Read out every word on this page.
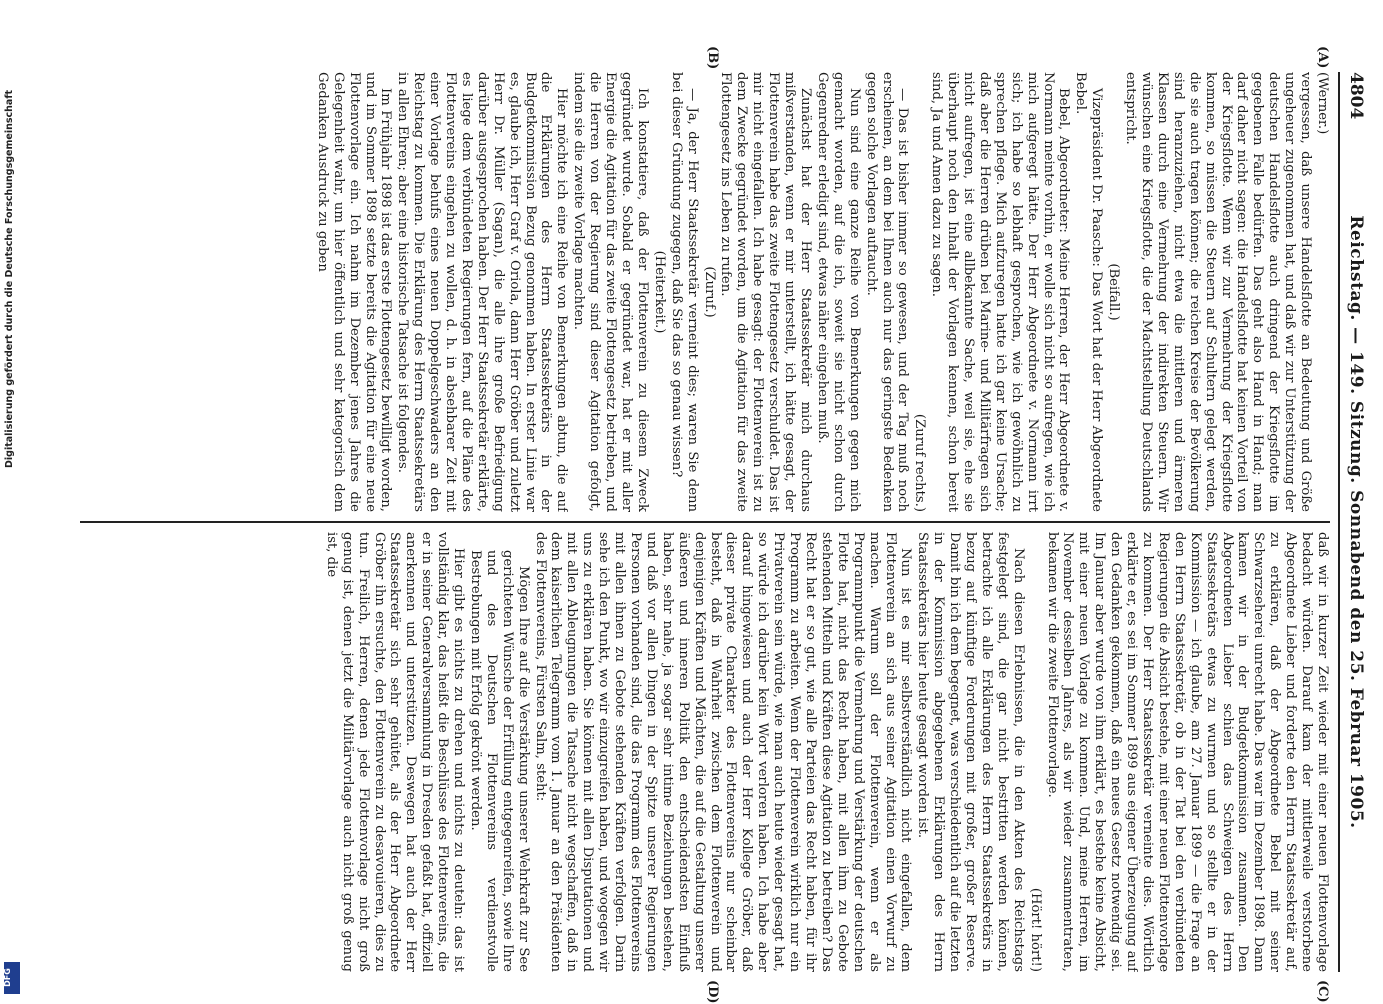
Digitalisierung gefördert durch die Deutsche Forschungsgemeinschaft
DFG
4804
Reichstag. — 149. Sitzung. Sonnabend den 25. Februar 1905.
(A)
(B)
(C)
(D)

(Werner.)

vergessen, daß unsere Handelsflotte an Bedeutung und Größe ungeheuer zugenommen hat, und daß wir zur Unterstützung der deutschen Handelsflotte auch dringend der Kriegsflotte im gegebenen Falle bedürfen. Das geht also Hand in Hand; man darf daher nicht sagen: die Handelsflotte hat keinen Vorteil von der Kriegsflotte. Wenn wir zur Vermehrung der Kriegsflotte kommen, so müssen die Steuern auf Schultern gelegt werden, die sie auch tragen können; die reichen Kreise der Bevölkerung sind heranzuziehen, nicht etwa die mittleren und ärmeren Klassen durch eine Vermehrung der indirekten Steuern. Wir wünschen eine Kriegsflotte, die der Machtstellung Deutschlands entspricht.

(Beifall.)

Vizepräsident Dr. Paasche: Das Wort hat der Herr Abgeordnete Bebel.

Bebel, Abgeordneter: Meine Herren, der Herr Abgeordnete v. Normann meinte vorhin, er wolle sich nicht so aufregen, wie ich mich aufgeregt hätte. Der Herr Abgeordnete v. Normann irrt sich; ich habe so lebhaft gesprochen, wie ich gewöhnlich zu sprechen pflege. Mich aufzuregen hatte ich gar keine Ursache; daß aber die Herren drüben bei Marine- und Militärfragen sich nicht aufregen, ist eine allbekannte Sache, weil sie, ehe sie überhaupt noch den Inhalt der Vorlagen kennen, schon bereit sind, Ja und Amen dazu zu sagen.

(Zuruf rechts.)

— Das ist bisher immer so gewesen, und der Tag muß noch erscheinen, an dem bei Ihnen auch nur das geringste Bedenken gegen solche Vorlagen auftaucht.

Nun sind eine ganze Reihe von Bemerkungen gegen mich gemacht worden, auf die ich, soweit sie nicht schon durch Gegenredner erledigt sind, etwas näher eingehen muß.

Zunächst hat der Herr Staatssekretär mich durchaus mißverstanden, wenn er mir unterstellt, ich hätte gesagt, der Flottenverein habe das zweite Flottengesetz verschuldet. Das ist mir nicht eingefallen. Ich habe gesagt: der Flottenverein ist zu dem Zwecke gegründet worden, um die Agitation für das zweite Flottengesetz ins Leben zu rufen.

(Zuruf.)

— Ja, der Herr Staatssekretär verneint dies; waren Sie denn bei dieser Gründung zugegen, daß Sie das so genau wissen?

(Heiterkeit.)

Ich konstatiere, daß der Flottenverein zu diesem Zweck gegründet wurde. Sobald er gegründet war, hat er mit aller Energie die Agitation für das zweite Flottengesetz betrieben, und die Herren von der Regierung sind dieser Agitation gefolgt, indem sie die zweite Vorlage machten.

Hier möchte ich eine Reihe von Bemerkungen abtun, die auf die Erklärungen des Herrn Staatssekretärs in der Budgetkommission Bezug genommen haben. In erster Linie war es, glaube ich, Herr Graf v. Oriola, dann Herr Gröber und zuletzt Herr Dr. Müller (Sagan), die alle ihre große Befriedigung darüber ausgesprochen haben. Der Herr Staatssekretär erklärte, es liege dem verbündeten Regierungen fern, auf die Pläne des Flottenvereins eingehen zu wollen, d. h. in absehbarer Zeit mit einer Vorlage behufs eines neuen Doppelgeschwaders an den Reichstag zu kommen. Die Erklärung des Herrn Staatssekretärs in allen Ehren; aber eine historische Tatsache ist folgendes.

Im Frühjahr 1898 ist das erste Flottengesetz bewilligt worden, und im Sommer 1898 setzte bereits die Agitation für eine neue Flottenvorlage ein. Ich nahm im Dezember jenes Jahres die Gelegenheit wahr, um hier öffentlich und sehr kategorisch dem Gedanken Ausdruck zu geben

daß wir in kurzer Zeit wieder mit einer neuen Flottenvorlage bedacht würden. Darauf kam der mittlerweile verstorbene Abgeordnete Lieber und forderte den Herrn Staatssekretär auf, zu erklären, daß der Abgeordnete Bebel mit seiner Schwarzseherei unrecht habe. Das war im Dezember 1898. Dann kamen wir in der Budgetkommission zusammen. Den Abgeordneten Lieber schien das Schweigen des Herrn Staatssekretärs etwas zu wurmen und so stellte er in der Kommission — ich glaube, am 27. Januar 1899 — die Frage an den Herrn Staatssekretär, ob in der Tat bei den verbündeten Regierungen die Absicht bestehe, mit einer neuen Flottenvorlage zu kommen. Der Herr Staatssekretär verneinte dies. Wörtlich erklärte er, es sei im Sommer 1899 aus eigener Überzeugung auf den Gedanken gekommen, daß ein neues Gesetz notwendig sei. Im Januar aber wurde von ihm erklärt, es bestehe keine Absicht, mit einer neuen Vorlage zu kommen. Und, meine Herren, im November desselben Jahres, als wir wieder zusammentraten, bekamen wir die zweite Flottenvorlage.

(Hört! hört!)

Nach diesen Erlebnissen, die in den Akten des Reichstags festgelegt sind, die gar nicht bestritten werden können, betrachte ich alle Erklärungen des Herrn Staatssekretärs in bezug auf künftige Forderungen mit großer, großer Reserve. Damit bin ich dem begegnet, was verschiedentlich auf die letzten in der Kommission abgegebenen Erklärungen des Herrn Staatssekretärs hier heute gesagt worden ist.

Nun ist es mir selbstverständlich nicht eingefallen, dem Flottenverein an sich aus seiner Agitation einen Vorwurf zu machen. Warum soll der Flottenverein, wenn er als Programmpunkt die Vermehrung und Verstärkung der deutschen Flotte hat, nicht das Recht haben, mit allen ihm zu Gebote stehenden Mitteln und Kräften diese Agitation zu betreiben? Das Recht hat er so gut, wie alle Parteien das Recht haben, für ihr Programm zu arbeiten. Wenn der Flottenverein wirklich nur ein Privatverein sein würde, wie man auch heute wieder gesagt hat, so würde ich darüber kein Wort verloren haben. Ich habe aber darauf hingewiesen und auch der Herr Kollege Gröber, daß dieser private Charakter des Flottenvereins nur scheinbar besteht, daß in Wahrheit zwischen dem Flottenverein und denjenigen Kräften und Mächten, die auf die Gestaltung unserer äußeren und inneren Politik den entscheidendsten Einfluß haben, sehr nahe, ja sogar sehr intime Beziehungen bestehen, und daß vor allen Dingen in der Spitze unserer Regierungen Personen vorhanden sind, die das Programm des Flottenvereins mit allen ihnen zu Gebote stehenden Kräften verfolgen. Darin sehe ich den Punkt, wo wir einzugreifen haben, und wogegen wir uns zu erklären haben. Sie können mit allen Disputationen und mit allen Ableugnungen die Tatsache nicht wegschaffen, daß in dem kaiserlichen Telegramm vom 1. Januar an den Präsidenten des Flottenvereins, Fürsten Salm, steht:

Mögen Ihre auf die Verstärkung unserer Wehrkraft zur See gerichteten Wünsche der Erfüllung entgegenreifen, sowie Ihre und des Deutschen Flottenvereins verdienstvolle Bestrebungen mit Erfolg gekrönt werden.

Hier gibt es nichts zu drehen und nichts zu deuteln: das ist vollständig klar, das heißt die Beschlüsse des Flottenvereins, die er in seiner Generalversammlung in Dresden gefaßt hat, offiziell anerkennen und unterstützen. Deswegen hat auch der Herr Staatssekretär sich sehr gehütet, als der Herr Abgeordnete Gröber ihn ersuchte, den Flottenverein zu desavouieren, dies zu tun. Freilich, Herren, denen jede Flottenvorlage nicht groß genug ist, denen jetzt die Militärvorlage auch nicht groß genug ist, die
